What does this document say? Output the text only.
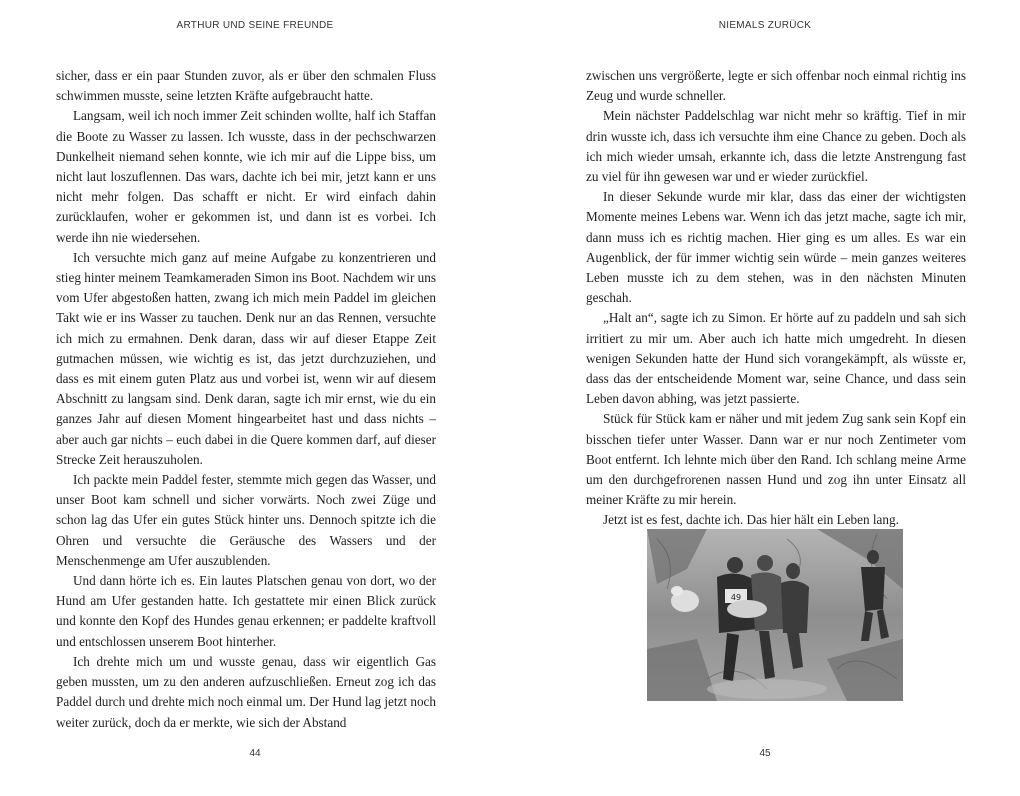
ARTHUR UND SEINE FREUNDE

sicher, dass er ein paar Stunden zuvor, als er über den schmalen Fluss schwimmen musste, seine letzten Kräfte aufgebraucht hatte.

Langsam, weil ich noch immer Zeit schinden wollte, half ich Staffan die Boote zu Wasser zu lassen. Ich wusste, dass in der pechschwarzen Dunkelheit niemand sehen konnte, wie ich mir auf die Lippe biss, um nicht laut loszuflennen. Das wars, dachte ich bei mir, jetzt kann er uns nicht mehr folgen. Das schafft er nicht. Er wird einfach dahin zurücklaufen, woher er gekommen ist, und dann ist es vorbei. Ich werde ihn nie wiedersehen.

Ich versuchte mich ganz auf meine Aufgabe zu konzentrieren und stieg hinter meinem Teamkameraden Simon ins Boot. Nachdem wir uns vom Ufer abgestoßen hatten, zwang ich mich mein Paddel im gleichen Takt wie er ins Wasser zu tauchen. Denk nur an das Rennen, versuchte ich mich zu ermahnen. Denk daran, dass wir auf dieser Etappe Zeit gutmachen müssen, wie wichtig es ist, das jetzt durchzuziehen, und dass es mit einem guten Platz aus und vorbei ist, wenn wir auf diesem Abschnitt zu langsam sind. Denk daran, sagte ich mir ernst, wie du ein ganzes Jahr auf diesen Moment hingearbeitet hast und dass nichts – aber auch gar nichts – euch dabei in die Quere kommen darf, auf dieser Strecke Zeit herauszuholen.

Ich packte mein Paddel fester, stemmte mich gegen das Wasser, und unser Boot kam schnell und sicher vorwärts. Noch zwei Züge und schon lag das Ufer ein gutes Stück hinter uns. Dennoch spitzte ich die Ohren und versuchte die Geräusche des Wassers und der Menschenmenge am Ufer auszublenden.

Und dann hörte ich es. Ein lautes Platschen genau von dort, wo der Hund am Ufer gestanden hatte. Ich gestattete mir einen Blick zurück und konnte den Kopf des Hundes genau erkennen; er paddelte kraftvoll und entschlossen unserem Boot hinterher.

Ich drehte mich um und wusste genau, dass wir eigentlich Gas geben mussten, um zu den anderen aufzuschließen. Erneut zog ich das Paddel durch und drehte mich noch einmal um. Der Hund lag jetzt noch weiter zurück, doch da er merkte, wie sich der Abstand

44
NIEMALS ZURÜCK

zwischen uns vergrößerte, legte er sich offenbar noch einmal richtig ins Zeug und wurde schneller.

Mein nächster Paddelschlag war nicht mehr so kräftig. Tief in mir drin wusste ich, dass ich versuchte ihm eine Chance zu geben. Doch als ich mich wieder umsah, erkannte ich, dass die letzte Anstrengung fast zu viel für ihn gewesen war und er wieder zurückfiel.

In dieser Sekunde wurde mir klar, dass das einer der wichtigsten Momente meines Lebens war. Wenn ich das jetzt mache, sagte ich mir, dann muss ich es richtig machen. Hier ging es um alles. Es war ein Augenblick, der für immer wichtig sein würde – mein ganzes weiteres Leben musste ich zu dem stehen, was in den nächsten Minuten geschah.

„Halt an“, sagte ich zu Simon. Er hörte auf zu paddeln und sah sich irritiert zu mir um. Aber auch ich hatte mich umgedreht. In diesen wenigen Sekunden hatte der Hund sich vorangekämpft, als wüsste er, dass das der entscheidende Moment war, seine Chance, und dass sein Leben davon abhing, was jetzt passierte.

Stück für Stück kam er näher und mit jedem Zug sank sein Kopf ein bisschen tiefer unter Wasser. Dann war er nur noch Zentimeter vom Boot entfernt. Ich lehnte mich über den Rand. Ich schlang meine Arme um den durchgefrorenen nassen Hund und zog ihn unter Einsatz all meiner Kräfte zu mir herein.

Jetzt ist es fest, dachte ich. Das hier hält ein Leben lang.

49
45
